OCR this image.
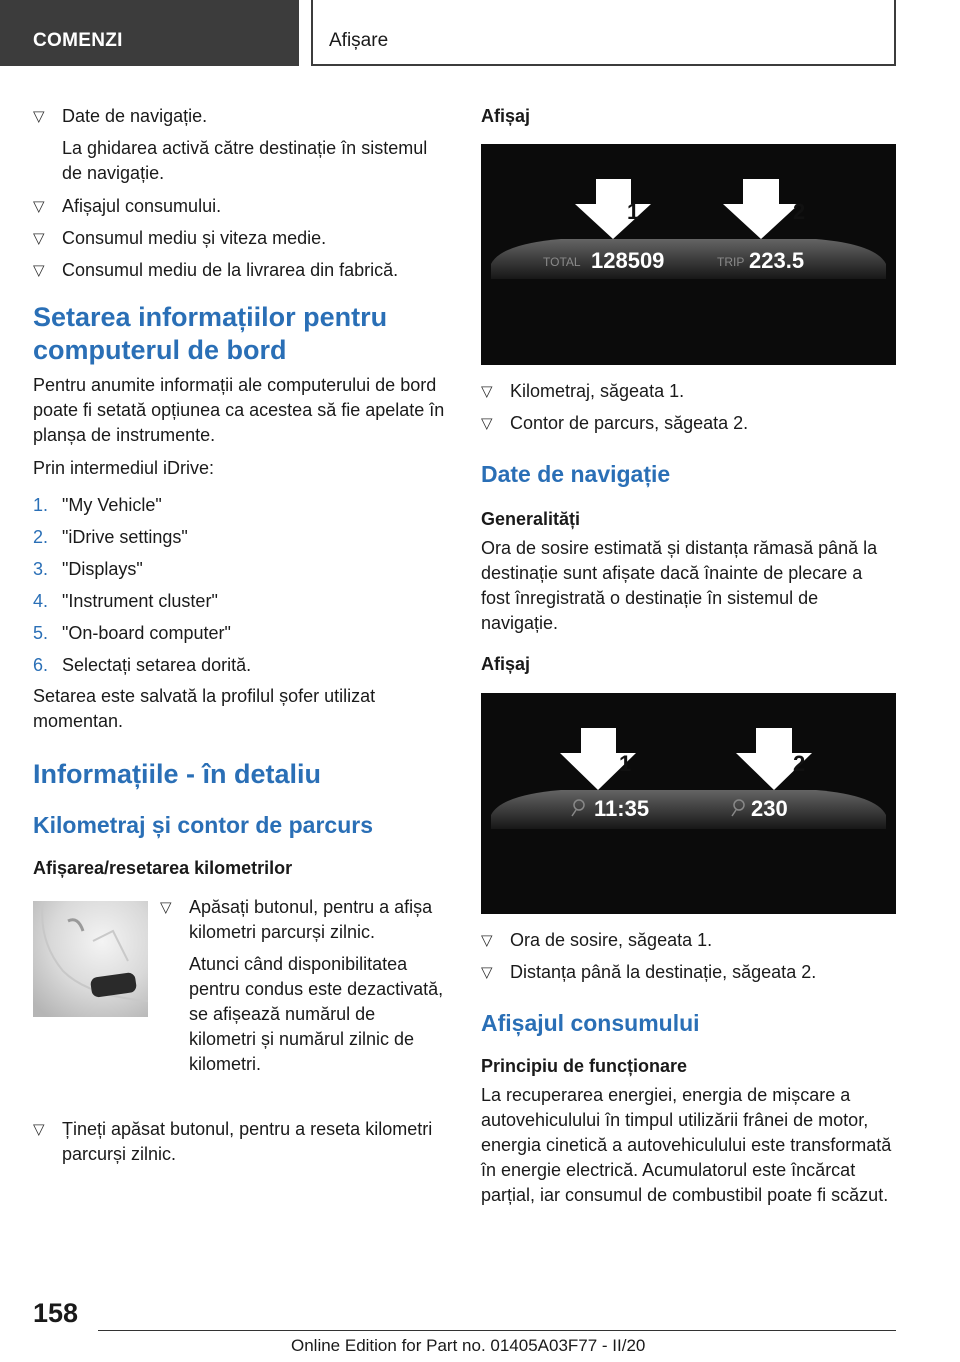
COMENZI	Afișare
▽ Date de navigație.
La ghidarea activă către destinație în sistemul de navigație.
▽ Afișajul consumului.
▽ Consumul mediu și viteza medie.
▽ Consumul mediu de la livrarea din fabrică.
Setarea informațiilor pentru computerul de bord

Pentru anumite informații ale computerului de bord poate fi setată opțiunea ca acestea să fie apelate în planșa de instrumente.

Prin intermediul iDrive:

1. "My Vehicle"
2. "iDrive settings"
3. "Displays"
4. "Instrument cluster"
5. "On-board computer"
6. Selectați setarea dorită.

Setarea este salvată la profilul șofer utilizat momentan.

Informațiile - în detaliu
Kilometraj și contor de parcurs
Afișarea/resetarea kilometrilor
▽ Apăsați butonul, pentru a afișa kilometri parcurși zilnic.
Atunci când disponibilitatea pentru condus este dezactivată, se afișează numărul de kilometri și numărul zilnic de kilometri.
▽ Țineți apăsat butonul, pentru a reseta kilometri parcurși zilnic.
Afișaj
1	2
TOTAL 128509	TRIP 223.5
▽ Kilometraj, săgeata 1.
▽ Contor de parcurs, săgeata 2.
Date de navigație
Generalități

Ora de sosire estimată și distanța rămasă până la destinație sunt afișate dacă înainte de plecare a fost înregistrată o destinație în sistemul de navigație.

Afișaj
1	2
11:35	230
▽ Ora de sosire, săgeata 1.
▽ Distanța până la destinație, săgeata 2.
Afișajul consumului
Principiu de funcționare

La recuperarea energiei, energia de mișcare a autovehiculului în timpul utilizării frânei de motor, energia cinetică a autovehiculului este transformată în energie electrică. Acumulatorul este încărcat parțial, iar consumul de combustibil poate fi scăzut.

158
Online Edition for Part no. 01405A03F77 - II/20
